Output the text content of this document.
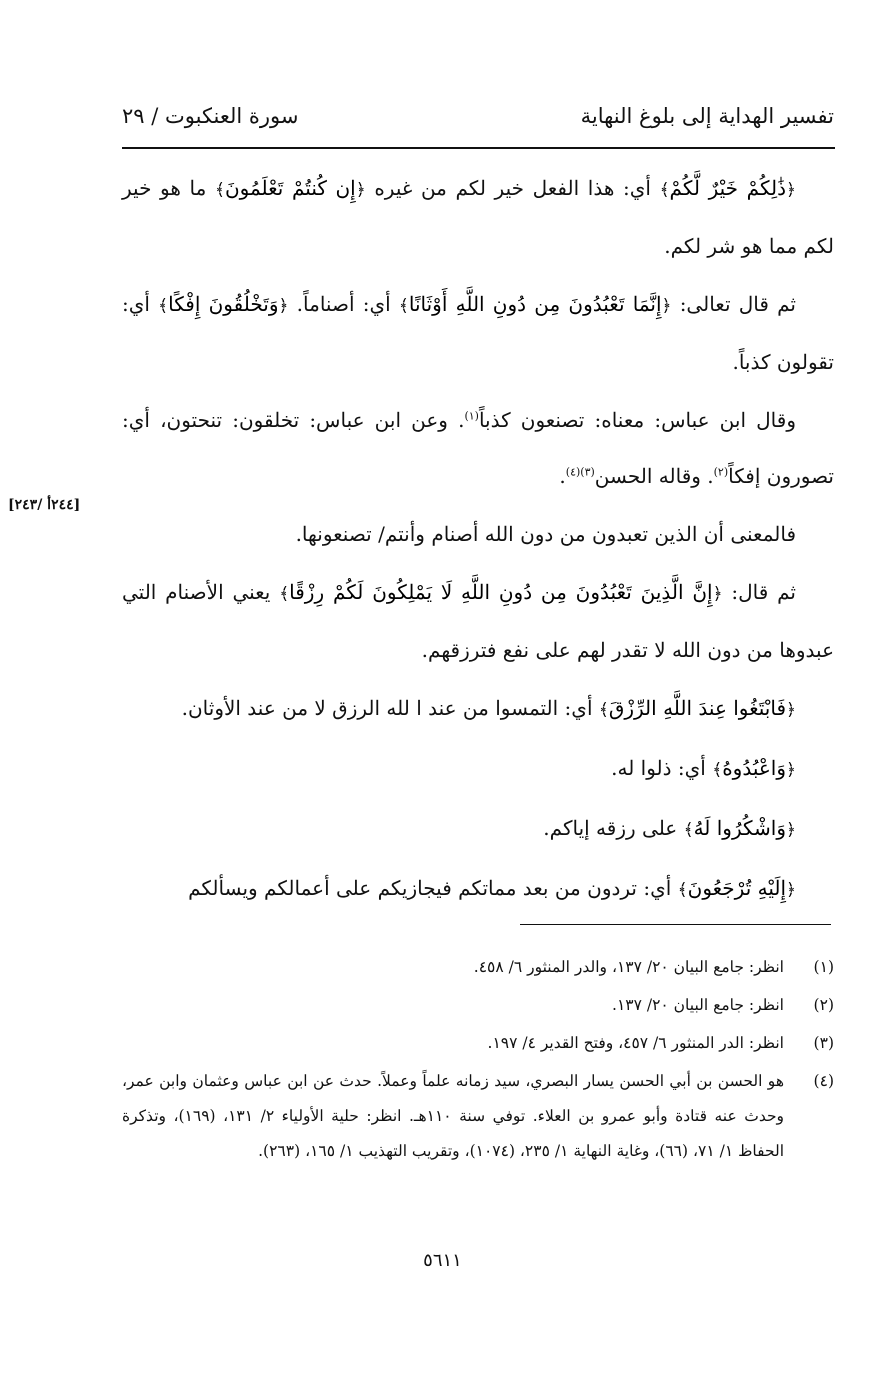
تفسير الهداية إلى بلوغ النهاية
سورة العنكبوت / ٢٩
[٢٤٤أ /٢٤٣]

﴿ذَٰلِكُمْ خَيْرٌ لَّكُمْ﴾ أي: هذا الفعل خير لكم من غيره ﴿إِن كُنتُمْ تَعْلَمُونَ﴾ ما هو خير لكم مما هو شر لكم.

ثم قال تعالى: ﴿إِنَّمَا تَعْبُدُونَ مِن دُونِ اللَّهِ أَوْثَانًا﴾ أي: أصناماً. ﴿وَتَخْلُقُونَ إِفْكًا﴾ أي: تقولون كذباً.

وقال ابن عباس: معناه: تصنعون كذباً$^{(١)}$. وعن ابن عباس: تخلقون: تنحتون، أي: تصورون إفكاً$^{(٢)}$. وقاله الحسن$^{(٣)(٤)}$.

فالمعنى أن الذين تعبدون من دون الله أصنام وأنتم/ تصنعونها.

ثم قال: ﴿إِنَّ الَّذِينَ تَعْبُدُونَ مِن دُونِ اللَّهِ لَا يَمْلِكُونَ لَكُمْ رِزْقًا﴾ يعني الأصنام التي عبدوها من دون الله لا تقدر لهم على نفع فترزقهم.

﴿فَابْتَغُوا عِندَ اللَّهِ الرِّزْقَ﴾ أي: التمسوا من عند ا لله الرزق لا من عند الأوثان.

﴿وَاعْبُدُوهُ﴾ أي: ذلوا له.

﴿وَاشْكُرُوا لَهُ﴾ على رزقه إياكم.

﴿إِلَيْهِ تُرْجَعُونَ﴾ أي: تردون من بعد مماتكم فيجازيكم على أعمالكم ويسألكم

(١)
انظر: جامع البيان ٢٠/ ١٣٧، والدر المنثور ٦/ ٤٥٨.
(٢)
انظر: جامع البيان ٢٠/ ١٣٧.
(٣)
انظر: الدر المنثور ٦/ ٤٥٧، وفتح القدير ٤/ ١٩٧.
(٤)
هو الحسن بن أبي الحسن يسار البصري، سيد زمانه علماً وعملاً. حدث عن ابن عباس وعثمان وابن عمر، وحدث عنه قتادة وأبو عمرو بن العلاء. توفي سنة ١١٠هـ. انظر: حلية الأولياء ٢/ ١٣١، (١٦٩)، وتذكرة الحفاظ ١/ ٧١، (٦٦)، وغاية النهاية ١/ ٢٣٥، (١٠٧٤)، وتقريب التهذيب ١/ ١٦٥، (٢٦٣).
٥٦١١
